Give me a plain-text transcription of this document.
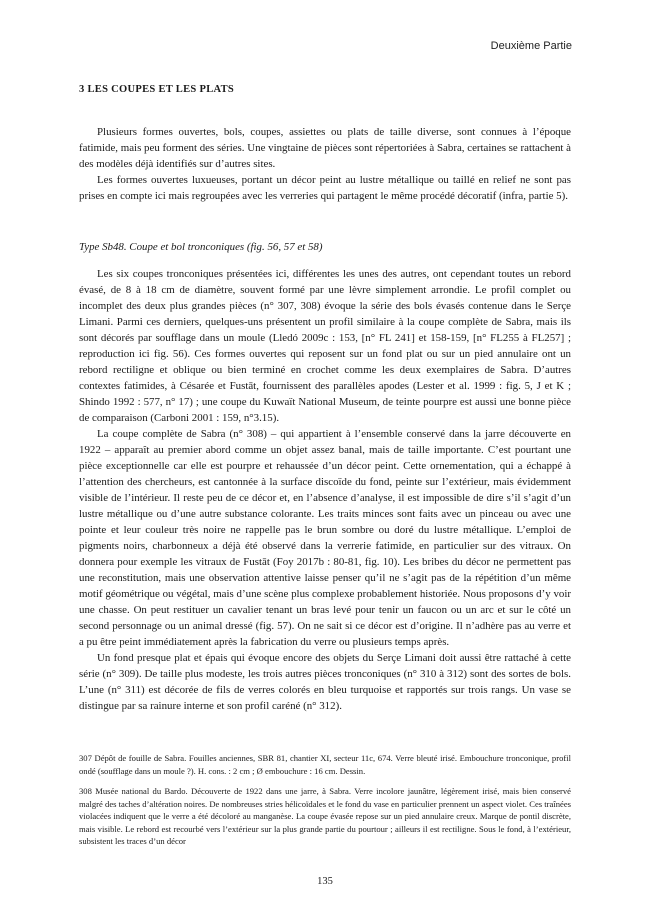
Deuxième Partie
3 LES COUPES ET LES PLATS

Plusieurs formes ouvertes, bols, coupes, assiettes ou plats de taille diverse, sont connues à l’époque fatimide, mais peu forment des séries. Une vingtaine de pièces sont répertoriées à Sabra, certaines se rattachent à des modèles déjà identifiés sur d’autres sites.

Les formes ouvertes luxueuses, portant un décor peint au lustre métallique ou taillé en relief ne sont pas prises en compte ici mais regroupées avec les verreries qui partagent le même procédé décoratif (infra, partie 5).

Type Sb48. Coupe et bol tronconiques (fig. 56, 57 et 58)

Les six coupes tronconiques présentées ici, différentes les unes des autres, ont cependant toutes un rebord évasé, de 8 à 18 cm de diamètre, souvent formé par une lèvre simplement arrondie. Le profil complet ou incomplet des deux plus grandes pièces (n° 307, 308) évoque la série des bols évasés contenue dans le Serçe Limani. Parmi ces derniers, quelques-uns présentent un profil similaire à la coupe complète de Sabra, mais ils sont décorés par soufflage dans un moule (Lledó 2009c : 153, [n° FL 241] et 158-159, [n° FL255 à FL257] ; reproduction ici fig. 56). Ces formes ouvertes qui reposent sur un fond plat ou sur un pied annulaire ont un rebord rectiligne et oblique ou bien terminé en crochet comme les deux exemplaires de Sabra. D’autres contextes fatimides, à Césarée et Fustāt, fournissent des parallèles apodes (Lester et al. 1999 : fig. 5, J et K ; Shindo 1992 : 577, n° 17) ; une coupe du Kuwaït National Museum, de teinte pourpre est aussi une bonne pièce de comparaison (Carboni 2001 : 159, n°3.15).

La coupe complète de Sabra (n° 308) – qui appartient à l’ensemble conservé dans la jarre découverte en 1922 – apparaît au premier abord comme un objet assez banal, mais de taille importante. C’est pourtant une pièce exceptionnelle car elle est pourpre et rehaussée d’un décor peint. Cette ornementation, qui a échappé à l’attention des chercheurs, est cantonnée à la surface discoïde du fond, peinte sur l’extérieur, mais évidemment visible de l’intérieur. Il reste peu de ce décor et, en l’absence d’analyse, il est impossible de dire s’il s’agit d’un lustre métallique ou d’une autre substance colorante. Les traits minces sont faits avec un pinceau ou avec une pointe et leur couleur très noire ne rappelle pas le brun sombre ou doré du lustre métallique. L’emploi de pigments noirs, charbonneux a déjà été observé dans la verrerie fatimide, en particulier sur des vitraux. On donnera pour exemple les vitraux de Fustāt (Foy 2017b : 80-81, fig. 10). Les bribes du décor ne permettent pas une reconstitution, mais une observation attentive laisse penser qu’il ne s’agit pas de la répétition d’un même motif géométrique ou végétal, mais d’une scène plus complexe probablement historiée. Nous proposons d’y voir une chasse. On peut restituer un cavalier tenant un bras levé pour tenir un faucon ou un arc et sur le côté un second personnage ou un animal dressé (fig. 57). On ne sait si ce décor est d’origine. Il n’adhère pas au verre et a pu être peint immédiatement après la fabrication du verre ou plusieurs temps après.

Un fond presque plat et épais qui évoque encore des objets du Serçe Limani doit aussi être rattaché à cette série (n° 309). De taille plus modeste, les trois autres pièces tronconiques (n° 310 à 312) sont des sortes de bols. L’une (n° 311) est décorée de fils de verres colorés en bleu turquoise et rapportés sur trois rangs. Un vase se distingue par sa rainure interne et son profil caréné (n° 312).

307 Dépôt de fouille de Sabra. Fouilles anciennes, SBR 81, chantier XI, secteur 11c, 674. Verre bleuté irisé. Embouchure tronconique, profil ondé (soufflage dans un moule ?). H. cons. : 2 cm ; Ø embouchure : 16 cm. Dessin.

308 Musée national du Bardo. Découverte de 1922 dans une jarre, à Sabra. Verre incolore jaunâtre, légèrement irisé, mais bien conservé malgré des taches d’altération noires. De nombreuses stries hélicoïdales et le fond du vase en particulier prennent un aspect violet. Ces traînées violacées indiquent que le verre a été décoloré au manganèse. La coupe évasée repose sur un pied annulaire creux. Marque de pontil discrète, mais visible. Le rebord est recourbé vers l’extérieur sur la plus grande partie du pourtour ; ailleurs il est rectiligne. Sous le fond, à l’extérieur, subsistent les traces d’un décor

135
